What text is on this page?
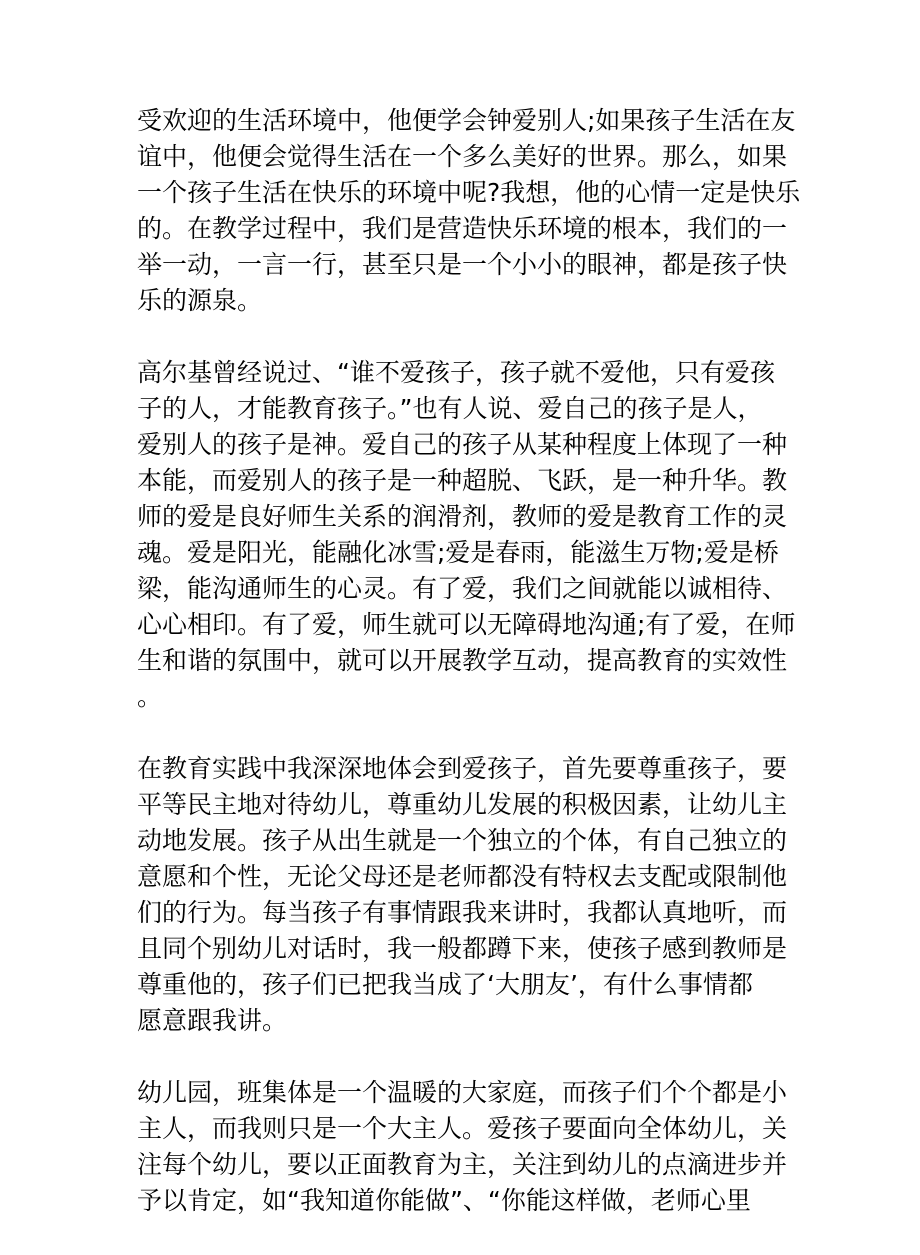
受欢迎的生活环境中，他便学会钟爱别人;如果孩子生活在友
谊中，他便会觉得生活在一个多么美好的世界。那么，如果
一个孩子生活在快乐的环境中呢?我想，他的心情一定是快乐
的。在教学过程中，我们是营造快乐环境的根本，我们的一
举一动，一言一行，甚至只是一个小小的眼神，都是孩子快
乐的源泉。
高尔基曾经说过、“谁不爱孩子，孩子就不爱他，只有爱孩
子的人，才能教育孩子。”也有人说、爱自己的孩子是人，
爱别人的孩子是神。爱自己的孩子从某种程度上体现了一种
本能，而爱别人的孩子是一种超脱、飞跃，是一种升华。教
师的爱是良好师生关系的润滑剂，教师的爱是教育工作的灵
魂。爱是阳光，能融化冰雪;爱是春雨，能滋生万物;爱是桥
梁，能沟通师生的心灵。有了爱，我们之间就能以诚相待、
心心相印。有了爱，师生就可以无障碍地沟通;有了爱，在师
生和谐的氛围中，就可以开展教学互动，提高教育的实效性
。
在教育实践中我深深地体会到爱孩子，首先要尊重孩子，要
平等民主地对待幼儿，尊重幼儿发展的积极因素，让幼儿主
动地发展。孩子从出生就是一个独立的个体，有自己独立的
意愿和个性，无论父母还是老师都没有特权去支配或限制他
们的行为。每当孩子有事情跟我来讲时，我都认真地听，而
且同个别幼儿对话时，我一般都蹲下来，使孩子感到教师是
尊重他的，孩子们已把我当成了‘大朋友’，有什么事情都
愿意跟我讲。
幼儿园，班集体是一个温暖的大家庭，而孩子们个个都是小
主人，而我则只是一个大主人。爱孩子要面向全体幼儿，关
注每个幼儿，要以正面教育为主，关注到幼儿的点滴进步并
予以肯定，如“我知道你能做”、“你能这样做，老师心里
